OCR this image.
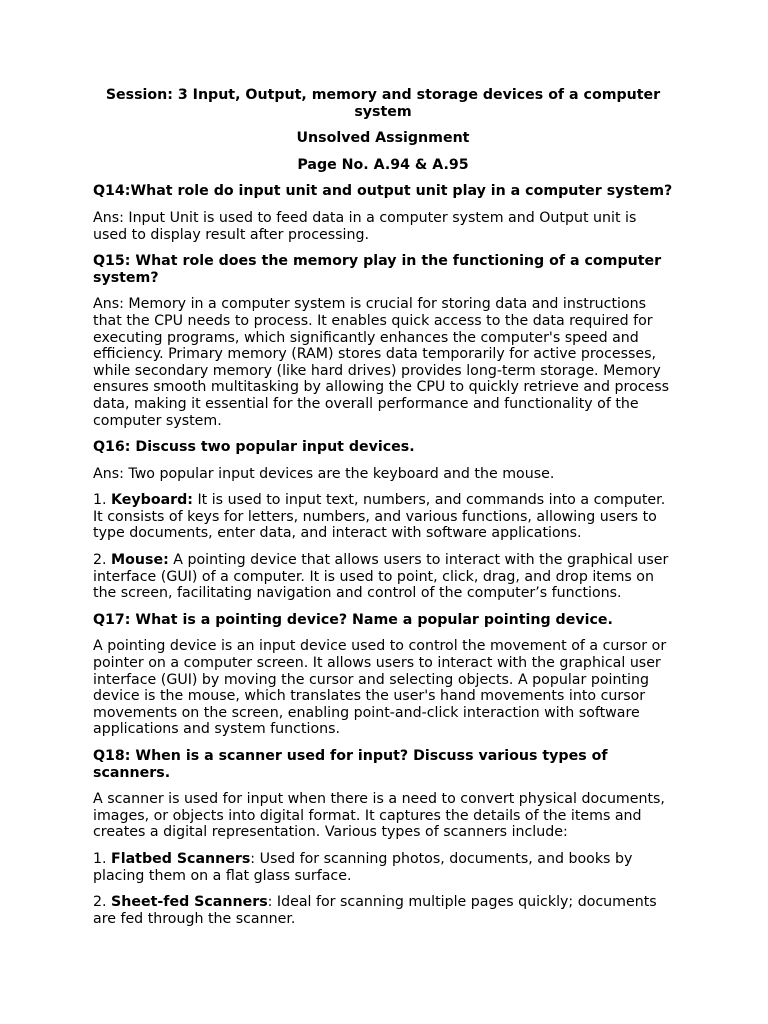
Session: 3 Input, Output, memory and storage devices of a computer system

Unsolved Assignment

Page No. A.94 & A.95

Q14:What role do input unit and output unit play in a computer system?

Ans: Input Unit is used to feed data in a computer system and Output unit is used to display result after processing.

Q15: What role does the memory play in the functioning of a computer system?

Ans: Memory in a computer system is crucial for storing data and instructions that the CPU needs to process. It enables quick access to the data required for executing programs, which significantly enhances the computer's speed and efficiency. Primary memory (RAM) stores data temporarily for active processes, while secondary memory (like hard drives) provides long-term storage. Memory ensures smooth multitasking by allowing the CPU to quickly retrieve and process data, making it essential for the overall performance and functionality of the computer system.

Q16: Discuss two popular input devices.

Ans: Two popular input devices are the keyboard and the mouse.

1. Keyboard: It is used to input text, numbers, and commands into a computer. It consists of keys for letters, numbers, and various functions, allowing users to type documents, enter data, and interact with software applications.

2. Mouse: A pointing device that allows users to interact with the graphical user interface (GUI) of a computer. It is used to point, click, drag, and drop items on the screen, facilitating navigation and control of the computer’s functions.

Q17: What is a pointing device? Name a popular pointing device.

A pointing device is an input device used to control the movement of a cursor or pointer on a computer screen. It allows users to interact with the graphical user interface (GUI) by moving the cursor and selecting objects. A popular pointing device is the mouse, which translates the user's hand movements into cursor movements on the screen, enabling point-and-click interaction with software applications and system functions.

Q18: When is a scanner used for input? Discuss various types of scanners.

A scanner is used for input when there is a need to convert physical documents, images, or objects into digital format. It captures the details of the items and creates a digital representation. Various types of scanners include:

1. Flatbed Scanners: Used for scanning photos, documents, and books by placing them on a flat glass surface.

2. Sheet-fed Scanners: Ideal for scanning multiple pages quickly; documents are fed through the scanner.
